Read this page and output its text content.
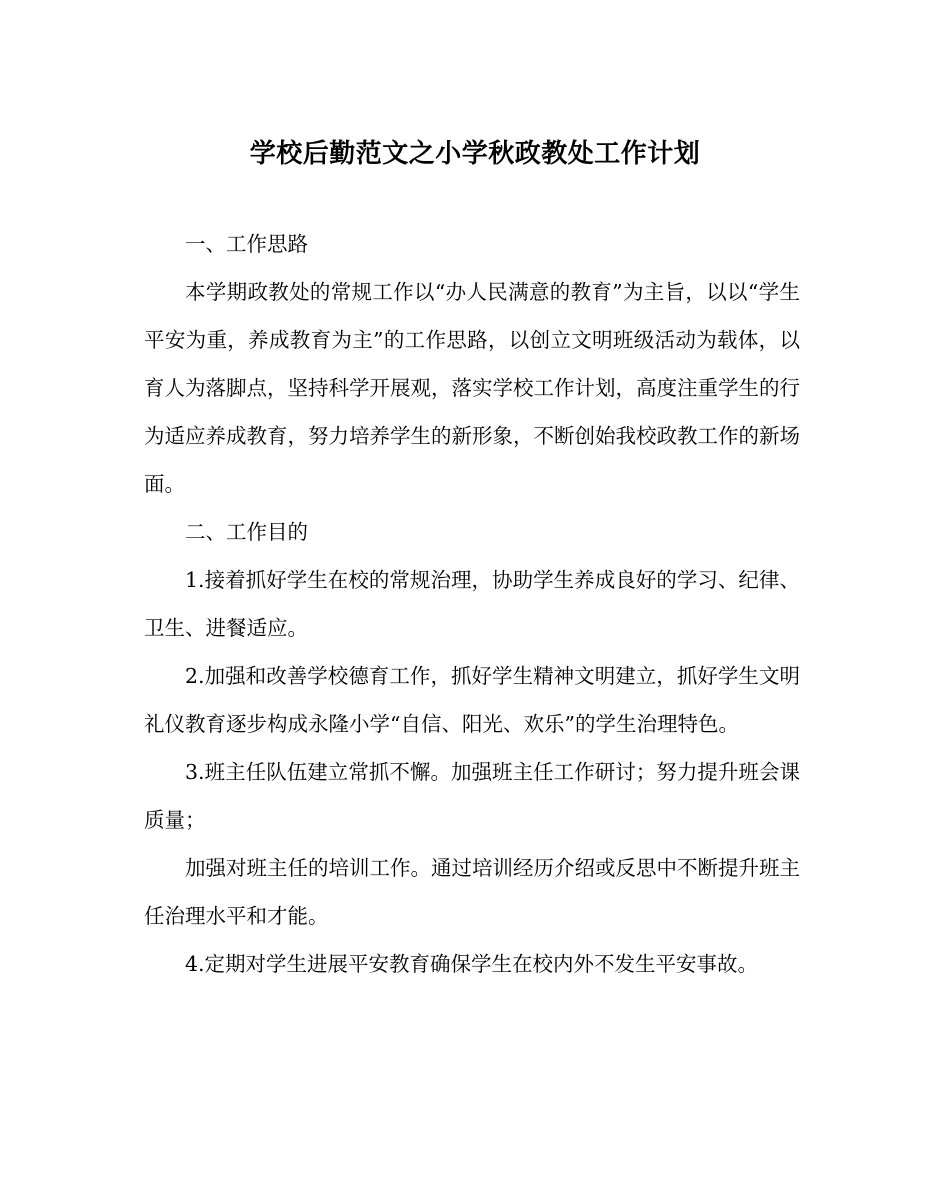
学校后勤范文之小学秋政教处工作计划

一、工作思路

本学期政教处的常规工作以“办人民满意的教育”为主旨，以以“学生平安为重，养成教育为主”的工作思路，以创立文明班级活动为载体，以育人为落脚点，坚持科学开展观，落实学校工作计划，高度注重学生的行为适应养成教育，努力培养学生的新形象，不断创始我校政教工作的新场面。

二、工作目的

1.接着抓好学生在校的常规治理，协助学生养成良好的学习、纪律、卫生、进餐适应。

2.加强和改善学校德育工作，抓好学生精神文明建立，抓好学生文明礼仪教育逐步构成永隆小学“自信、阳光、欢乐”的学生治理特色。

3.班主任队伍建立常抓不懈。加强班主任工作研讨；努力提升班会课质量；

加强对班主任的培训工作。通过培训经历介绍或反思中不断提升班主任治理水平和才能。

4.定期对学生进展平安教育确保学生在校内外不发生平安事故。
